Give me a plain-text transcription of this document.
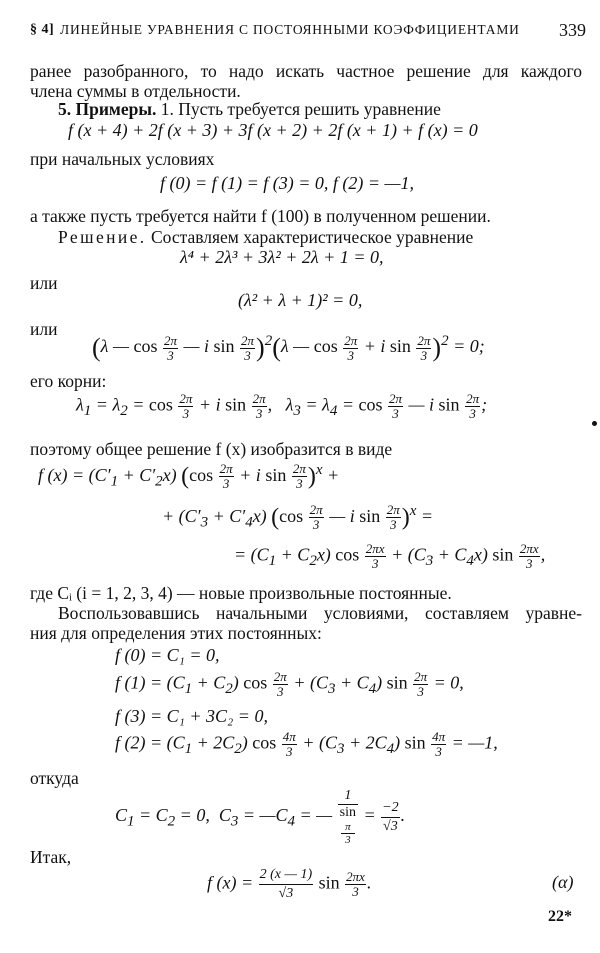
§ 4] ЛИНЕЙНЫЕ УРАВНЕНИЯ С ПОСТОЯННЫМИ КОЭФФИЦИЕНТАМИ 339
ранее разобранного, то надо искать частное решение для каждого
члена суммы в отдельности.
5. Примеры. 1. Пусть требуется решить уравнение
f (x + 4) + 2f (x + 3) + 3f (x + 2) + 2f (x + 1) + f (x) = 0
при начальных условиях
f (0) = f (1) = f (3) = 0, f (2) = —1,
а также пусть требуется найти f (100) в полученном решении.
Решение. Составляем характеристическое уравнение
λ⁴ + 2λ³ + 3λ² + 2λ + 1 = 0,
или
(λ² + λ + 1)² = 0,
или
(λ — $\cos \frac{2\pi}{3}$ — i $\sin \frac{2\pi}{3} )^2(\lambda$ — $\cos \frac{2\pi}{3} + i$ $\sin \frac{2\pi}{3} )^2 = 0$;
его корни:
$\lambda_1 = \lambda_2 = \cos \frac{2\pi}{3} + i$ $\sin \frac{2\pi}{3}$ ,   $\lambda_3 = \lambda_4 = \cos \frac{2\pi}{3}$ — i $\sin \frac{2\pi}{3}$ ;
поэтому общее решение f (x) изобразится в виде
f $(x) = (C'_1 + C'_2x)$ ($\cos \frac{2\pi}{3} + i$ $\sin \frac{2\pi}{3} )^x$ +
+ $(C'_3 + C'_4x)$ ($\cos \frac{2\pi}{3}$ — i $\sin \frac{2\pi}{3} )^x$ =
= $(C_1 + C_2x)$ $\cos \frac{2\pi x}{3} + (C_3 + C_4x)$ $\sin \frac{2\pi x}{3}$ ,
где Cᵢ (i = 1, 2, 3, 4) — новые произвольные постоянные.
Воспользовавшись начальными условиями, составляем уравне-
ния для определения этих постоянных:
f (0) = C₁ = 0,
f $(1) = (C_1 + C_2)$ $\cos \frac{2\pi}{3} + (C_3 + C_4)$ $\sin \frac{2\pi}{3} = 0$,
f (3) = C₁ + 3C₂ = 0,
f $(2) = (C_1 + 2C_2)$ $\cos \frac{4\pi}{3} + (C_3 + 2C_4)$ $\sin \frac{4\pi}{3}$ = —1,
откуда
$C_1 = C_2 = 0$,  $C_3$ = $—C_4$ = — 1
sin
π
$3 = \frac{-2}{√3}$ .
Итак,
f $(x) = \frac{2 (x — 1)}{√3}$ $\sin \frac{2\pi x}{3}$ .	(α)
22*
